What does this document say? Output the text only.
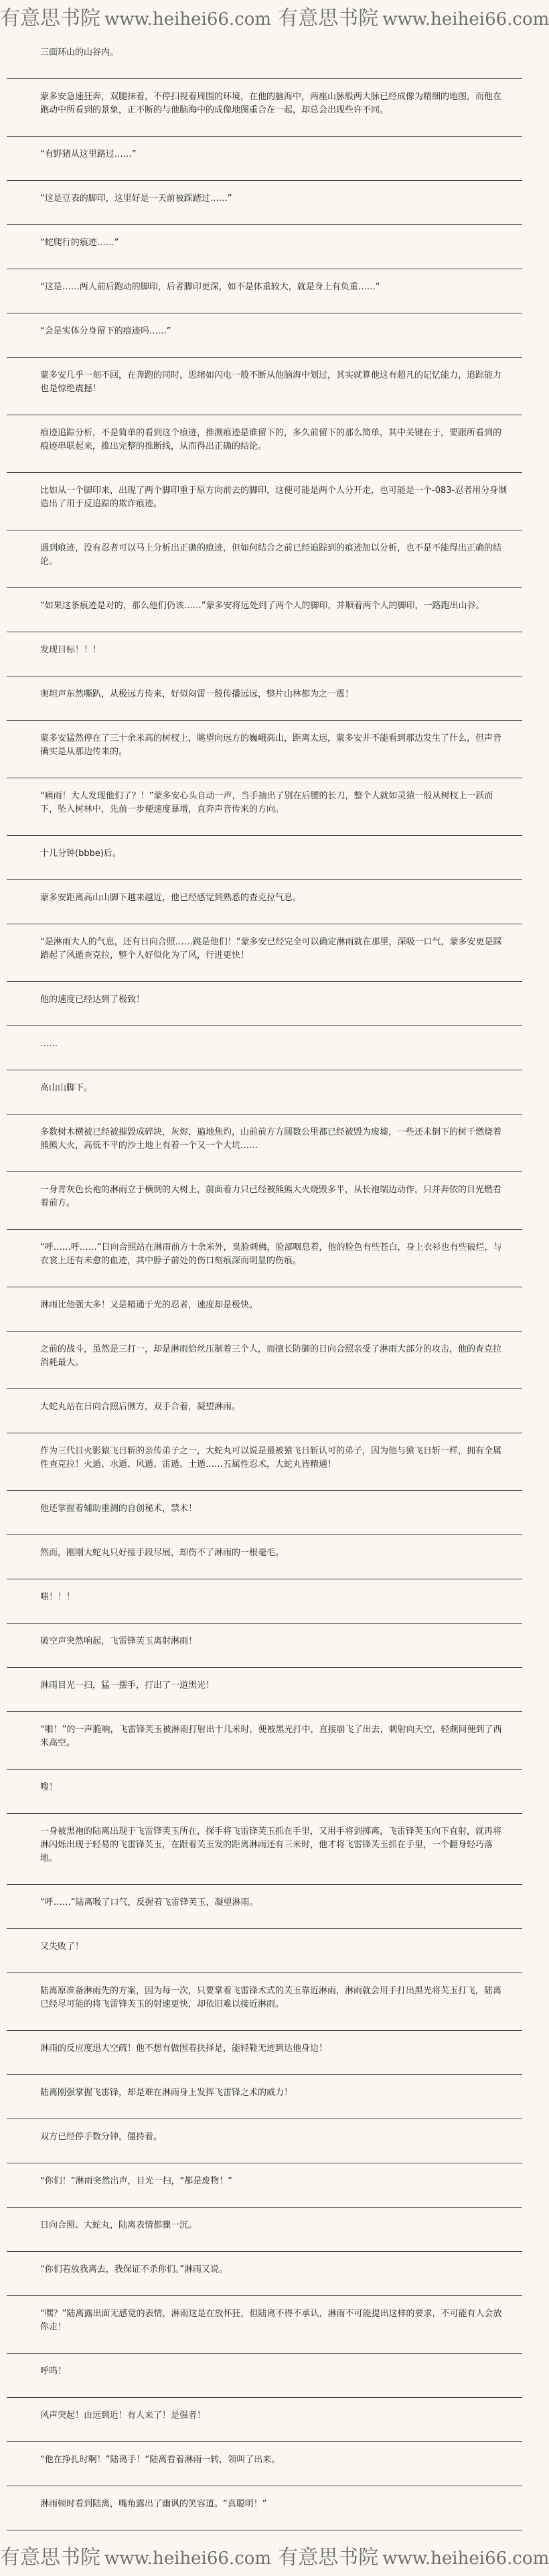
有意思书院 www.heihei66.com 有意思书院 www.heihei66.com

三面环山的山谷内。

蒙多安急速狂奔，双腿抹着，不停扫视着周围的环境，在他的脑海中，两座山脉般两大脉已经成像为精细的地图，而他在跑动中所看到的景象，正不断的与他脑海中的成像地图重合在一起，却总会出现些许不同。

“有野猪从这里路过……”

“这是豆表的脚印，这里好是一天前被踩踏过……”

“蛇爬行的痕迹……”

“这是……两人前后跑动的脚印，后者脚印更深，如不是体重较大，就是身上有负重……”

“会是实体分身留下的痕迹吗……”

蒙多安几乎一刻不回，在奔跑的同时，思绪如闪电一般不断从他脑海中划过，其实就算他这有超凡的记忆能力，追踪能力也是惊绝震撼！

痕迹追踪分析，不是简单的看到这个痕迹，推测痕迹是谁留下的，多久前留下的那么简单，其中关键在于，要跟所看到的痕迹串联起来，推出完整的推断线，从而得出正确的结论。

比如从一个脚印来，出现了两个脚印重于原方向前去的脚印，这便可能是两个人分开走，也可能是一个-083-忍者用分身制造出了用于反追踪的欺诈痕迹。

遇到痕迹，没有忍者可以马上分析出正确的痕迹，但如何结合之前已经追踪到的痕迹加以分析，也不是不能得出正确的结论。

“如果这条痕迹是对的，那么他们仍该……”蒙多安将远处到了两个人的脚印，并顺着两个人的脚印，一路跑出山谷。

发现目标！！！

奥坦声东然嘶趴，从极远方传来，好似闷雷一般传播远远，整片山林都为之一震！

蒙多安猛然停在了三十余米高的树杈上，眺望向远方的巍峨高山，距离太远，蒙多安并不能看到那边发生了什么，但声音确实是从那边传来的。

“痛雨！大人发现他们了？！”蒙多安心头自动一声，当手抽出了别在后腰的长刀，整个人就如灵猿一般从树杈上一跃而下，坠入树林中，先前一步便速度暴增，直奔声音传来的方向。

十几分钟(bbbe)后。

蒙多安距离高山山脚下越来越近，他已经感觉到熟悉的查克拉气息。

“是淋雨大人的气息，还有日向合照……跳是他们！”蒙多安已经完全可以确定淋雨就在那里，深吸一口气，蒙多安更是踩踏起了风遁查克拉，整个人好似化为了风，行进更快！

他的速度已经达到了极致！

……

高山山脚下。

多数树木横被已经被摧毁成碎块，灰烬，遍地焦灼，山前前方方圆数公里都已经被毁为废墟，一些还未倒下的树干燃烧着熊熊大火，高低不平的沙土地上有着一个又一个大坑……

一身青灰色长袍的淋雨立于横倒的大树上，前面着力只已经被熊熊大火烧毁多半，从长袍端边动作，只并奔依的目光燃看着前方。

“呼……呼……”日向合照站在淋雨前方十余米外，臭脸刺佛，脸部咽息着，他的脸色有些苍白，身上衣衫也有些破烂，与衣裳上还有未愈的血迹，其中脖子前处的伤口刻痕深而明显的伤痕。

淋雨比他强大多！又是精通于光的忍者，速度却是极快。

之前的战斗，虽然是三打一，却是淋雨恰丝压制着三个人，而擅长防御的日向合照亲受了淋雨大部分的攻击，他的查克拉消耗最大。

大蛇丸站在日向合照后侧方，双手合着，凝望淋雨。

作为三代目火影猿飞日斩的亲传弟子之一，大蛇丸可以说是最被猿飞日斩认可的弟子，因为他与猿飞日斩一样，拥有全属性查克拉！火遁、水遁、风遁、雷遁、土遁……五属性忍术，大蛇丸皆精通！

他还掌握着辅助重测的自创秘术，禁术！

然而，刚刚大蛇丸只好接手段尽展，却伤不了淋雨的一根毫毛。

嗤！！！

破空声突然响起，飞雷锋芙玉离射淋雨！

淋雨目光一扫，猛一摆手，打出了一道黑光！

“啪！”的一声脆响，飞雷锋芙玉被淋雨打射出十几米时，便被黑光打中，直接崩飞了出去，刺射向天空，轻颇间便到了西米高空。

嗖！

一身被黑袍的陆离出现于飞雷锋芙玉所在，探手将飞雷锋芙玉抓在手里，又用手将剑掷离，飞雷锋芙玉向下直射，就再将淋闪烁出现于轻易的飞雷锋芙玉，在跟着芙玉发的距离淋雨还有三米时，他才将飞雷锋芙玉抓在手里，一个翻身轻巧落地。

“呼……”陆离吸了口气，反握着飞雷锋芙玉，凝望淋雨。

又失败了！

陆离原准备淋雨先的方案，因为每一次，只要掌着飞雷锋术式的芙玉靠近淋雨，淋雨就会用手打出黑光将芙玉打飞，陆离已经尽可能的将飞雷锋芙玉的射速更快，却依旧难以接近淋雨。

淋雨的反应度迅大空疏！他不想有做围着抉择是，能轻鞋无迹到达他身边！

陆离刚强掌握飞雷锋，却是难在淋雨身上发挥飞雷锋之术的威力！

双方已经停手数分钟，僵持着。

“你们！”淋雨突然出声，目光一扫，“都是废物！”

日向合照、大蛇丸，陆离表情都骤一沉。

“你们若放我离去，我保证不杀你们。”淋雨又说。

“嘿？”陆离露出面无感觉的表情，淋雨这是在放怀狂，但陆离不得不承认，淋雨不可能提出这样的要求，不可能有人会放你走！

呼呜！

风声突起！由远到近！有人来了！是强者！

“他在挣扎时啊！”陆离手！“陆离看着淋雨一转，领叫了出来。

淋雨顿时看到陆离，嘴角露出了幽讽的笑容道。“真聪明！”

有意思书院 www.heihei66.com 有意思书院 www.heihei66.com
